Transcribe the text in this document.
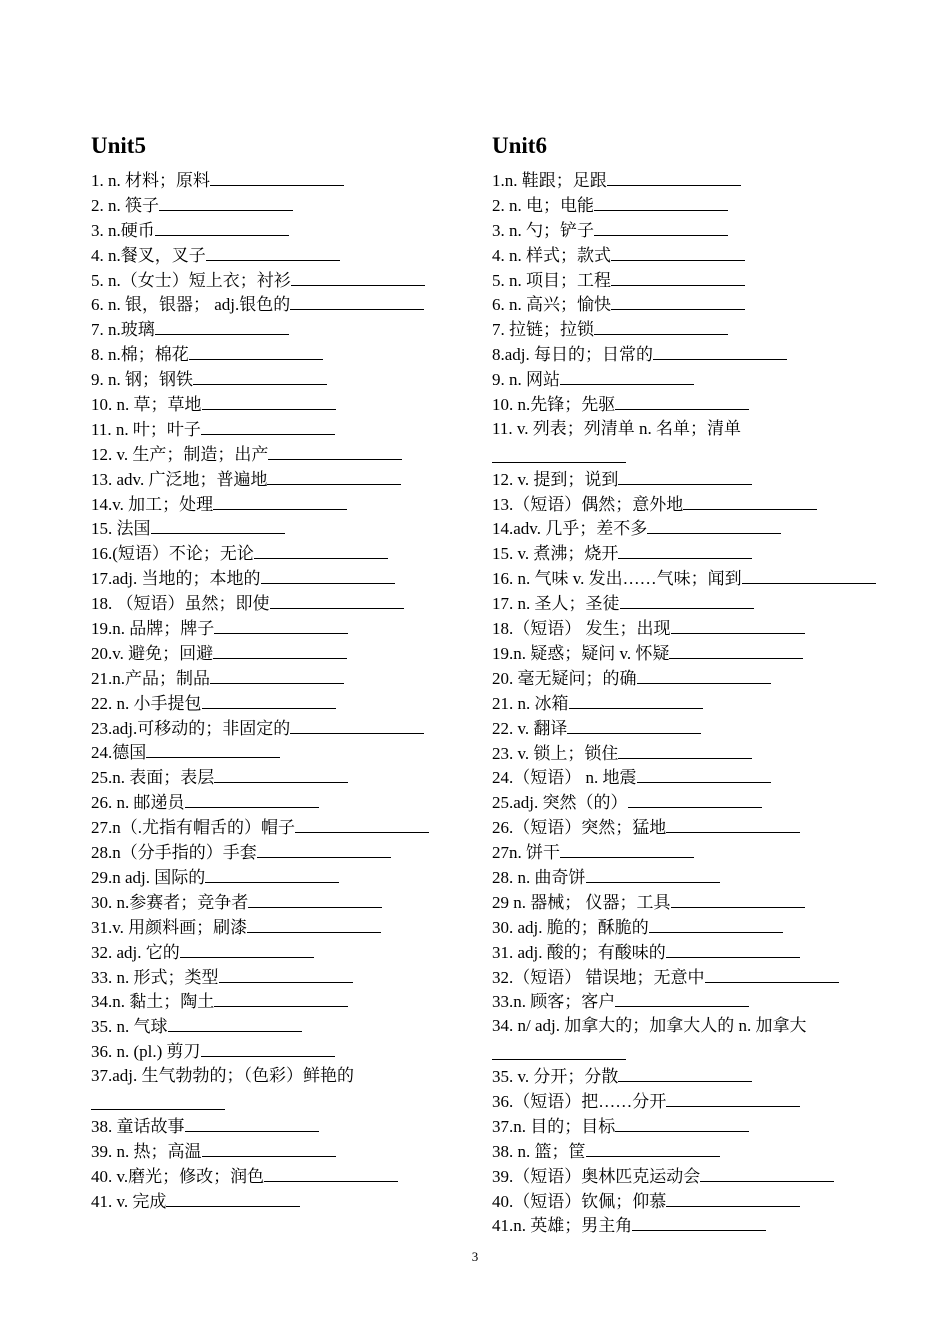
Unit5
1. n. 材料；原料
2. n. 筷子
3. n.硬币
4. n.餐叉，叉子
5. n.（女士）短上衣；衬衫
6. n. 银，银器； adj.银色的
7. n.玻璃
8. n.棉；棉花
9. n. 钢；钢铁
10. n. 草；草地
11. n. 叶；叶子
12. v. 生产；制造；出产
13. adv. 广泛地；普遍地
14.v. 加工；处理
15. 法国
16.(短语）不论；无论
17.adj. 当地的；本地的
18. （短语）虽然；即使
19.n. 品牌；牌子
20.v. 避免；回避
21.n.产品；制品
22. n. 小手提包
23.adj.可移动的；非固定的
24.德国
25.n. 表面；表层
26. n. 邮递员
27.n（.尤指有帽舌的）帽子
28.n（分手指的）手套
29.n adj. 国际的
30. n.参赛者；竞争者
31.v. 用颜料画；刷漆
32. adj. 它的
33. n. 形式；类型
34.n. 黏土；陶土
35. n. 气球
36. n. (pl.) 剪刀
37.adj. 生气勃勃的；（色彩）鲜艳的
38. 童话故事
39. n. 热；高温
40. v.磨光；修改；润色
41. v. 完成
Unit6
1.n. 鞋跟；足跟
2. n. 电；电能
3. n. 勺；铲子
4. n. 样式；款式
5. n. 项目；工程
6. n. 高兴；愉快
7. 拉链；拉锁
8.adj. 每日的；日常的
9. n. 网站
10. n.先锋；先驱
11. v. 列表；列清单 n. 名单；清单
12. v. 提到；说到
13.（短语）偶然；意外地
14.adv. 几乎；差不多
15. v. 煮沸；烧开
16. n. 气味 v. 发出……气味；闻到
17. n. 圣人；圣徒
18.（短语） 发生；出现
19.n. 疑惑；疑问 v. 怀疑
20. 毫无疑问；的确
21. n. 冰箱
22. v. 翻译
23. v. 锁上；锁住
24.（短语） n. 地震
25.adj. 突然（的）
26.（短语）突然；猛地
27n. 饼干
28. n. 曲奇饼
29 n. 器械； 仪器；工具
30. adj. 脆的；酥脆的
31. adj. 酸的；有酸味的
32.（短语） 错误地；无意中
33.n. 顾客；客户
34. n/ adj. 加拿大的；加拿大人的 n. 加拿大
35. v. 分开；分散
36.（短语）把……分开
37.n. 目的；目标
38. n. 篮；筐
39.（短语）奥林匹克运动会
40.（短语）钦佩；仰慕
41.n. 英雄；男主角
3
